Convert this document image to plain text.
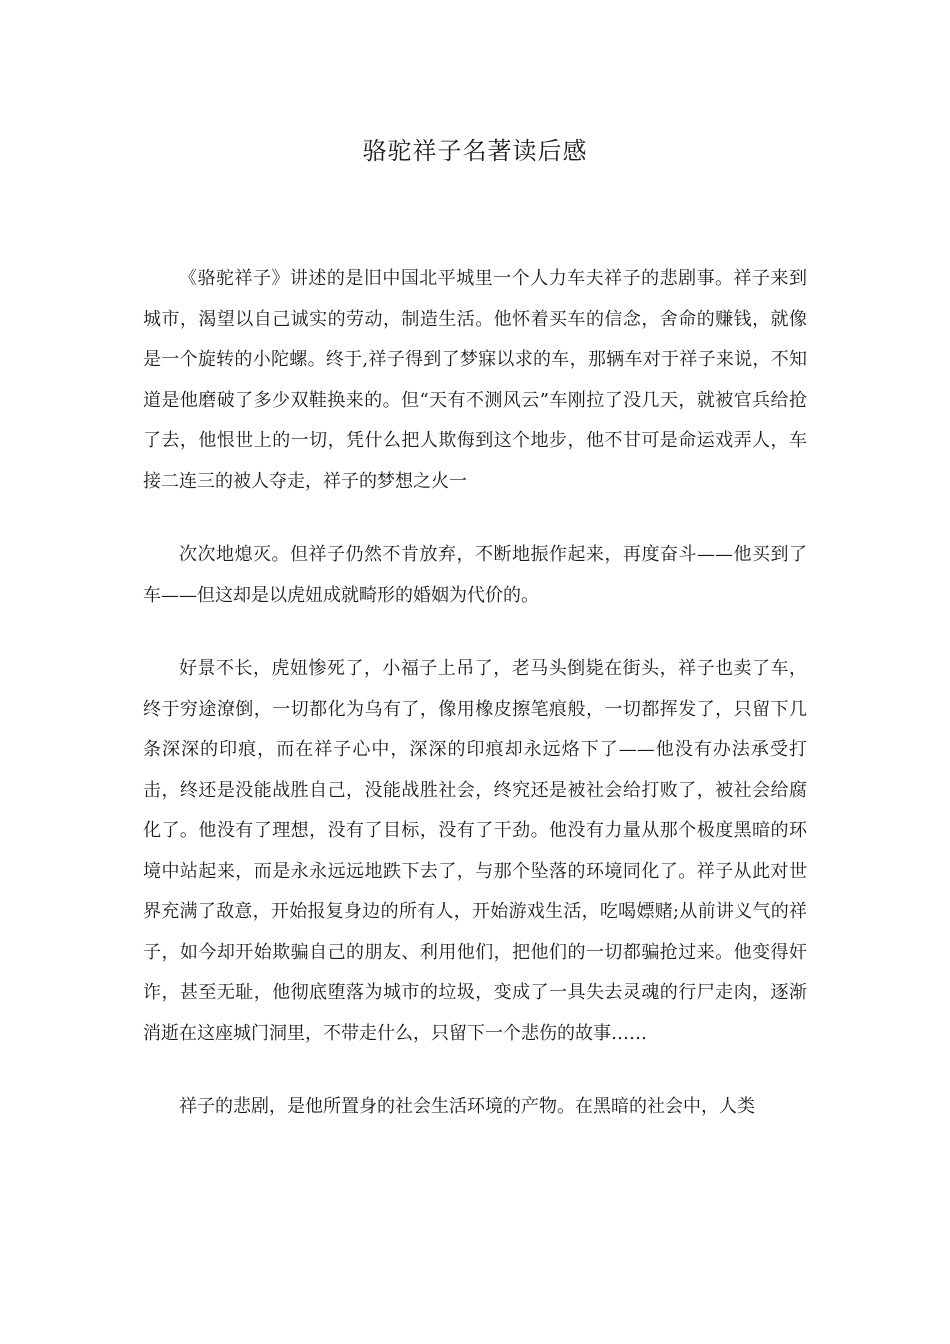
骆驼祥子名著读后感

《骆驼祥子》讲述的是旧中国北平城里一个人力车夫祥子的悲剧事。祥子来到城市，渴望以自己诚实的劳动，制造生活。他怀着买车的信念，舍命的赚钱，就像是一个旋转的小陀螺。终于,祥子得到了梦寐以求的车，那辆车对于祥子来说，不知道是他磨破了多少双鞋换来的。但“天有不测风云”车刚拉了没几天，就被官兵给抢了去，他恨世上的一切，凭什么把人欺侮到这个地步，他不甘可是命运戏弄人，车接二连三的被人夺走，祥子的梦想之火一

次次地熄灭。但祥子仍然不肯放弃，不断地振作起来，再度奋斗——他买到了车——但这却是以虎妞成就畸形的婚姻为代价的。

好景不长，虎妞惨死了，小福子上吊了，老马头倒毙在街头，祥子也卖了车，终于穷途潦倒，一切都化为乌有了，像用橡皮擦笔痕般，一切都挥发了，只留下几条深深的印痕，而在祥子心中，深深的印痕却永远烙下了——他没有办法承受打击，终还是没能战胜自己，没能战胜社会，终究还是被社会给打败了，被社会给腐化了。他没有了理想，没有了目标，没有了干劲。他没有力量从那个极度黑暗的环境中站起来，而是永永远远地跌下去了，与那个坠落的环境同化了。祥子从此对世界充满了敌意，开始报复身边的所有人，开始游戏生活，吃喝嫖赌;从前讲义气的祥子，如今却开始欺骗自己的朋友、利用他们，把他们的一切都骗抢过来。他变得奸诈，甚至无耻，他彻底堕落为城市的垃圾，变成了一具失去灵魂的行尸走肉，逐渐消逝在这座城门洞里，不带走什么，只留下一个悲伤的故事……

祥子的悲剧，是他所置身的社会生活环境的产物。在黑暗的社会中，人类
